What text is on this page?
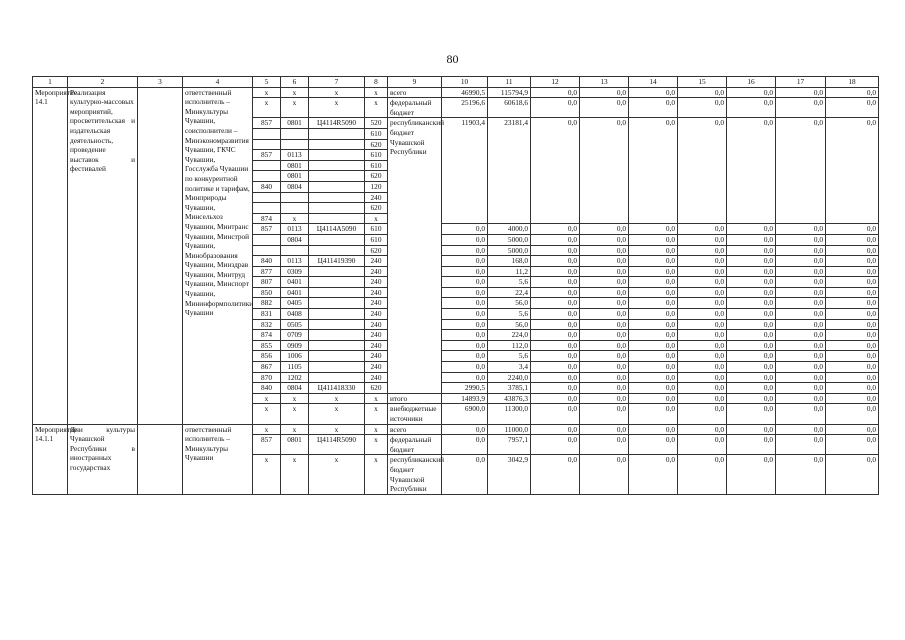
80
1	2	3	4	5	6	7	8	9	10	11	12	13	14	15	16	17	18
Мероприятие 14.1	Реализация культурно-массовых мероприятий, просветительская и издательская деятельность, проведение выставок и фестивалей		ответственный исполнитель – Минкультуры Чувашии, соисполнители – Минэкономразвития Чувашии, ГКЧС Чувашии, Госслужба Чувашии по конкурентной политике и тарифам, Минприроды Чувашии, Минсельхоз Чувашии, Минтранс Чувашии, Минстрой Чувашии, Минобразования Чувашии, Минздрав Чувашии, Минтруд Чувашии, Минспорт Чувашии, Мининформполитики Чувашии	x	x	x	x	всего	46990,5	115794,9	0,0	0,0	0,0	0,0	0,0	0,0	0,0
				x	x	x	x	федеральный бюджет	25196,6	60618,6	0,0	0,0	0,0	0,0	0,0	0,0	0,0
				857	0801	Ц4114R5090	520	республиканский бюджет Чувашской Республики	11903,4	23181,4	0,0	0,0	0,0	0,0	0,0	0,0	0,0
							610										
							620										
				857	0113		610										
					0801		610										
					0801		620										
				840	0804		120										
							240										
							620										
				874	x		x										
				857	0113	Ц4114А5090	610		0,0	4000,0	0,0	0,0	0,0	0,0	0,0	0,0	0,0
					0804		610		0,0	5000,0	0,0	0,0	0,0	0,0	0,0	0,0	0,0
							620		0,0	5000,0	0,0	0,0	0,0	0,0	0,0	0,0	0,0
				840	0113	Ц411419390	240		0,0	168,0	0,0	0,0	0,0	0,0	0,0	0,0	0,0
				877	0309		240		0,0	11,2	0,0	0,0	0,0	0,0	0,0	0,0	0,0
				807	0401		240		0,0	5,6	0,0	0,0	0,0	0,0	0,0	0,0	0,0
				850	0401		240		0,0	22,4	0,0	0,0	0,0	0,0	0,0	0,0	0,0
				882	0405		240		0,0	56,0	0,0	0,0	0,0	0,0	0,0	0,0	0,0
				831	0408		240		0,0	5,6	0,0	0,0	0,0	0,0	0,0	0,0	0,0
				832	0505		240		0,0	56,0	0,0	0,0	0,0	0,0	0,0	0,0	0,0
				874	0709		240		0,0	224,0	0,0	0,0	0,0	0,0	0,0	0,0	0,0
				855	0909		240		0,0	112,0	0,0	0,0	0,0	0,0	0,0	0,0	0,0
				856	1006		240		0,0	5,6	0,0	0,0	0,0	0,0	0,0	0,0	0,0
				867	1105		240		0,0	3,4	0,0	0,0	0,0	0,0	0,0	0,0	0,0
				870	1202		240		0,0	2240,0	0,0	0,0	0,0	0,0	0,0	0,0	0,0
				840	0804	Ц411418330	620		2990,5	3785,1	0,0	0,0	0,0	0,0	0,0	0,0	0,0
				x	x	x	x	итого	14893,9	43876,3	0,0	0,0	0,0	0,0	0,0	0,0	0,0
				x	x	x	x	внебюджетные источники	6900,0	11300,0	0,0	0,0	0,0	0,0	0,0	0,0	0,0
Мероприятие 14.1.1	Дни культуры Чувашской Республики в иностранных государствах		ответственный исполнитель – Минкультуры Чувашии	x	x	x	x	всего	0,0	11000,0	0,0	0,0	0,0	0,0	0,0	0,0	0,0
				857	0801	Ц4114R5090	x	федеральный бюджет	0,0	7957,1	0,0	0,0	0,0	0,0	0,0	0,0	0,0
				x	x	x	x	республиканский бюджет Чувашской Республики	0,0	3042,9	0,0	0,0	0,0	0,0	0,0	0,0	0,0
